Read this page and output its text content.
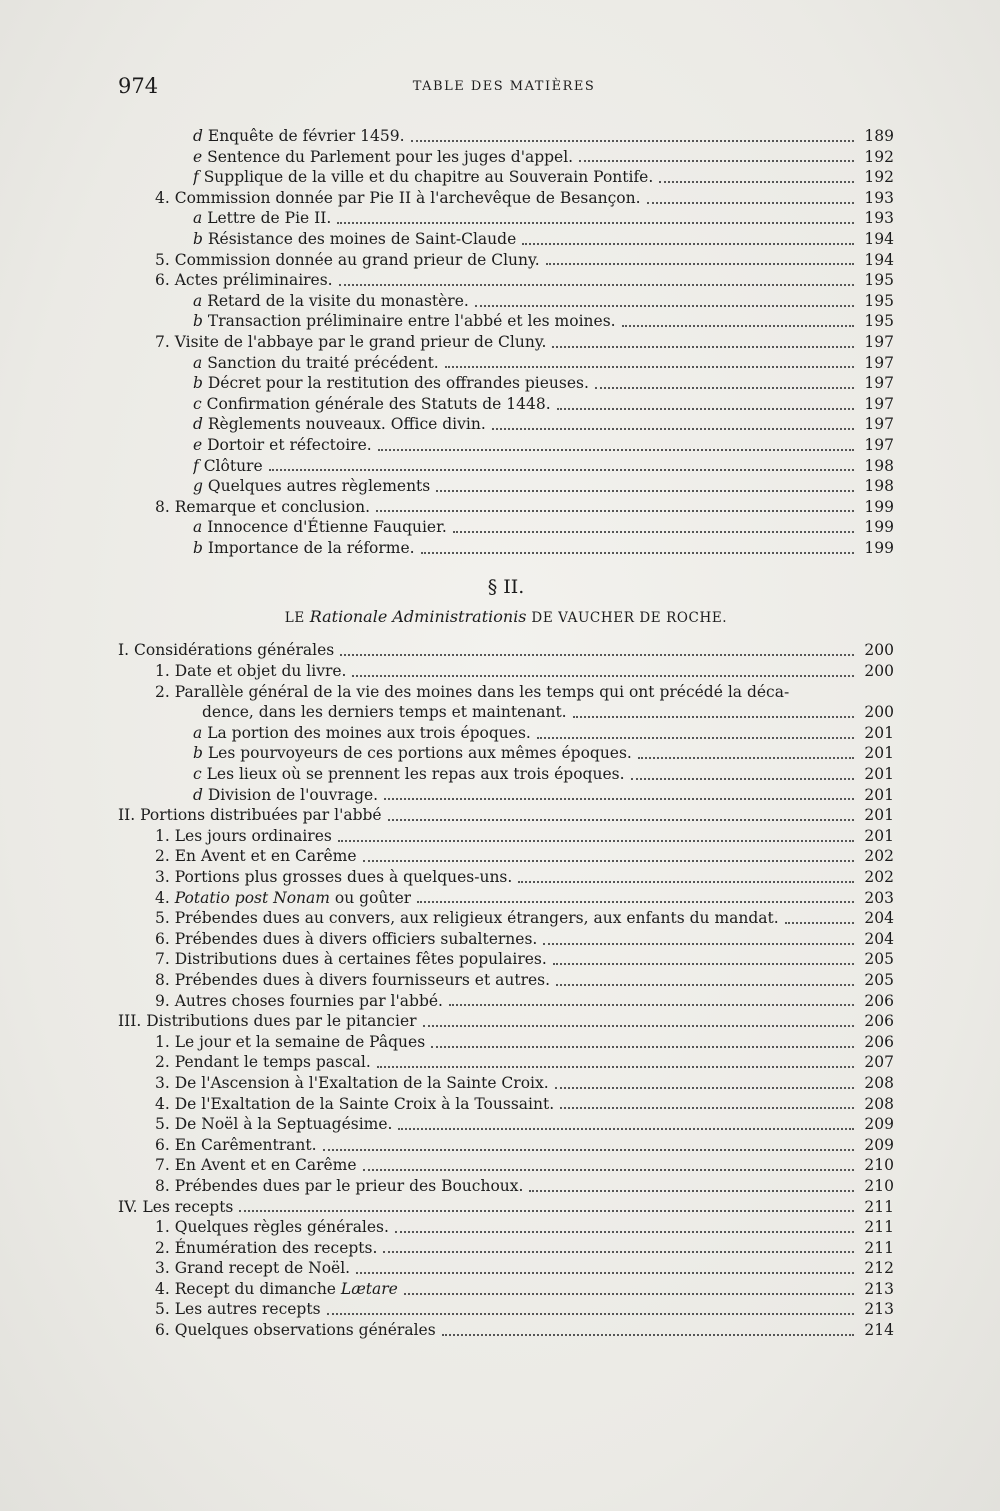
974	TABLE DES MATIÈRES
d Enquête de février 1459.	189
e Sentence du Parlement pour les juges d'appel.	192
f Supplique de la ville et du chapitre au Souverain Pontife.	192
4. Commission donnée par Pie II à l'archevêque de Besançon.	193
a Lettre de Pie II.	193
b Résistance des moines de Saint-Claude	194
5. Commission donnée au grand prieur de Cluny.	194
6. Actes préliminaires.	195
a Retard de la visite du monastère.	195
b Transaction préliminaire entre l'abbé et les moines.	195
7. Visite de l'abbaye par le grand prieur de Cluny.	197
a Sanction du traité précédent.	197
b Décret pour la restitution des offrandes pieuses.	197
c Confirmation générale des Statuts de 1448.	197
d Règlements nouveaux. Office divin.	197
e Dortoir et réfectoire.	197
f Clôture	198
g Quelques autres règlements	198
8. Remarque et conclusion.	199
a Innocence d'Étienne Fauquier.	199
b Importance de la réforme.	199
§ II.
LE Rationale Administrationis DE VAUCHER DE ROCHE.
I. Considérations générales	200
1. Date et objet du livre.	200
2. Parallèle général de la vie des moines dans les temps qui ont précédé la déca-
dence, dans les derniers temps et maintenant.	200
a La portion des moines aux trois époques.	201
b Les pourvoyeurs de ces portions aux mêmes époques.	201
c Les lieux où se prennent les repas aux trois époques.	201
d Division de l'ouvrage.	201
II. Portions distribuées par l'abbé	201
1. Les jours ordinaires	201
2. En Avent et en Carême	202
3. Portions plus grosses dues à quelques-uns.	202
4. Potatio post Nonam ou goûter	203
5. Prébendes dues au convers, aux religieux étrangers, aux enfants du mandat.	204
6. Prébendes dues à divers officiers subalternes.	204
7. Distributions dues à certaines fêtes populaires.	205
8. Prébendes dues à divers fournisseurs et autres.	205
9. Autres choses fournies par l'abbé.	206
III. Distributions dues par le pitancier	206
1. Le jour et la semaine de Pâques	206
2. Pendant le temps pascal.	207
3. De l'Ascension à l'Exaltation de la Sainte Croix.	208
4. De l'Exaltation de la Sainte Croix à la Toussaint.	208
5. De Noël à la Septuagésime.	209
6. En Carêmentrant.	209
7. En Avent et en Carême	210
8. Prébendes dues par le prieur des Bouchoux.	210
IV. Les recepts	211
1. Quelques règles générales.	211
2. Énumération des recepts.	211
3. Grand recept de Noël.	212
4. Recept du dimanche Lætare	213
5. Les autres recepts	213
6. Quelques observations générales	214
